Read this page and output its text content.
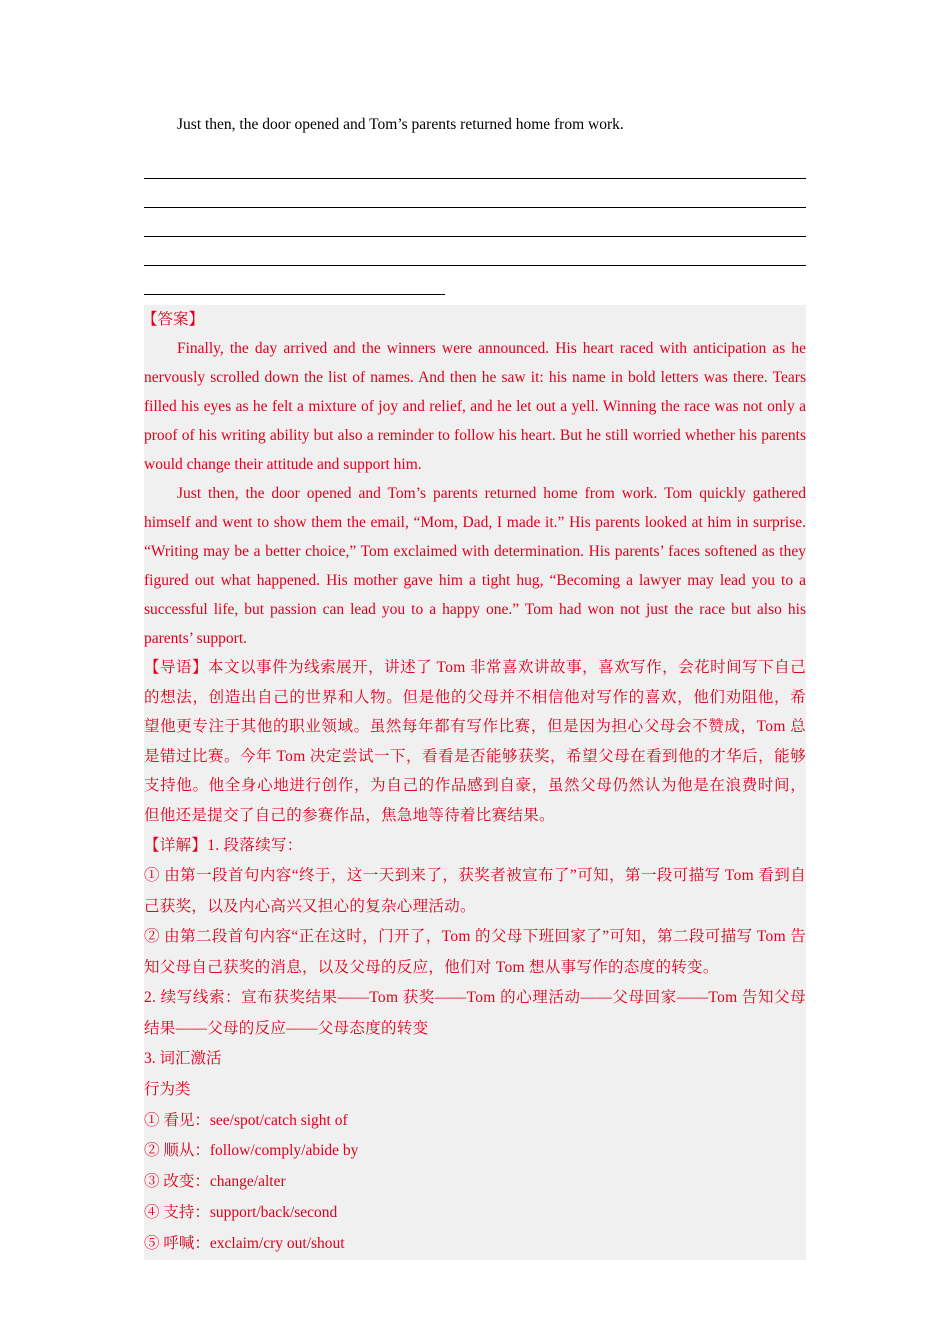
Just then, the door opened and Tom’s parents returned home from work.

【答案】

Finally, the day arrived and the winners were announced. His heart raced with anticipation as he nervously scrolled down the list of names. And then he saw it: his name in bold letters was there. Tears filled his eyes as he felt a mixture of joy and relief, and he let out a yell. Winning the race was not only a proof of his writing ability but also a reminder to follow his heart. But he still worried whether his parents would change their attitude and support him.

Just then, the door opened and Tom’s parents returned home from work. Tom quickly gathered himself and went to show them the email, “Mom, Dad, I made it.” His parents looked at him in surprise. “Writing may be a better choice,” Tom exclaimed with determination. His parents’ faces softened as they figured out what happened. His mother gave him a tight hug, “Becoming a lawyer may lead you to a successful life, but passion can lead you to a happy one.” Tom had won not just the race but also his parents’ support.

【导语】本文以事件为线索展开，讲述了 Tom 非常喜欢讲故事，喜欢写作，会花时间写下自己的想法，创造出自己的世界和人物。但是他的父母并不相信他对写作的喜欢，他们劝阻他，希望他更专注于其他的职业领域。虽然每年都有写作比赛，但是因为担心父母会不赞成，Tom 总是错过比赛。今年 Tom 决定尝试一下，看看是否能够获奖，希望父母在看到他的才华后，能够支持他。他全身心地进行创作，为自己的作品感到自豪，虽然父母仍然认为他是在浪费时间，但他还是提交了自己的参赛作品，焦急地等待着比赛结果。

【详解】1. 段落续写：

① 由第一段首句内容“终于，这一天到来了，获奖者被宣布了”可知，第一段可描写 Tom 看到自己获奖，以及内心高兴又担心的复杂心理活动。

② 由第二段首句内容“正在这时，门开了，Tom 的父母下班回家了”可知，第二段可描写 Tom 告知父母自己获奖的消息，以及父母的反应，他们对 Tom 想从事写作的态度的转变。

2. 续写线索：宣布获奖结果——Tom 获奖——Tom 的心理活动——父母回家——Tom 告知父母结果——父母的反应——父母态度的转变

3. 词汇激活

行为类

① 看见：see/spot/catch sight of

② 顺从：follow/comply/abide by

③ 改变：change/alter

④ 支持：support/back/second

⑤ 呼喊：exclaim/cry out/shout
